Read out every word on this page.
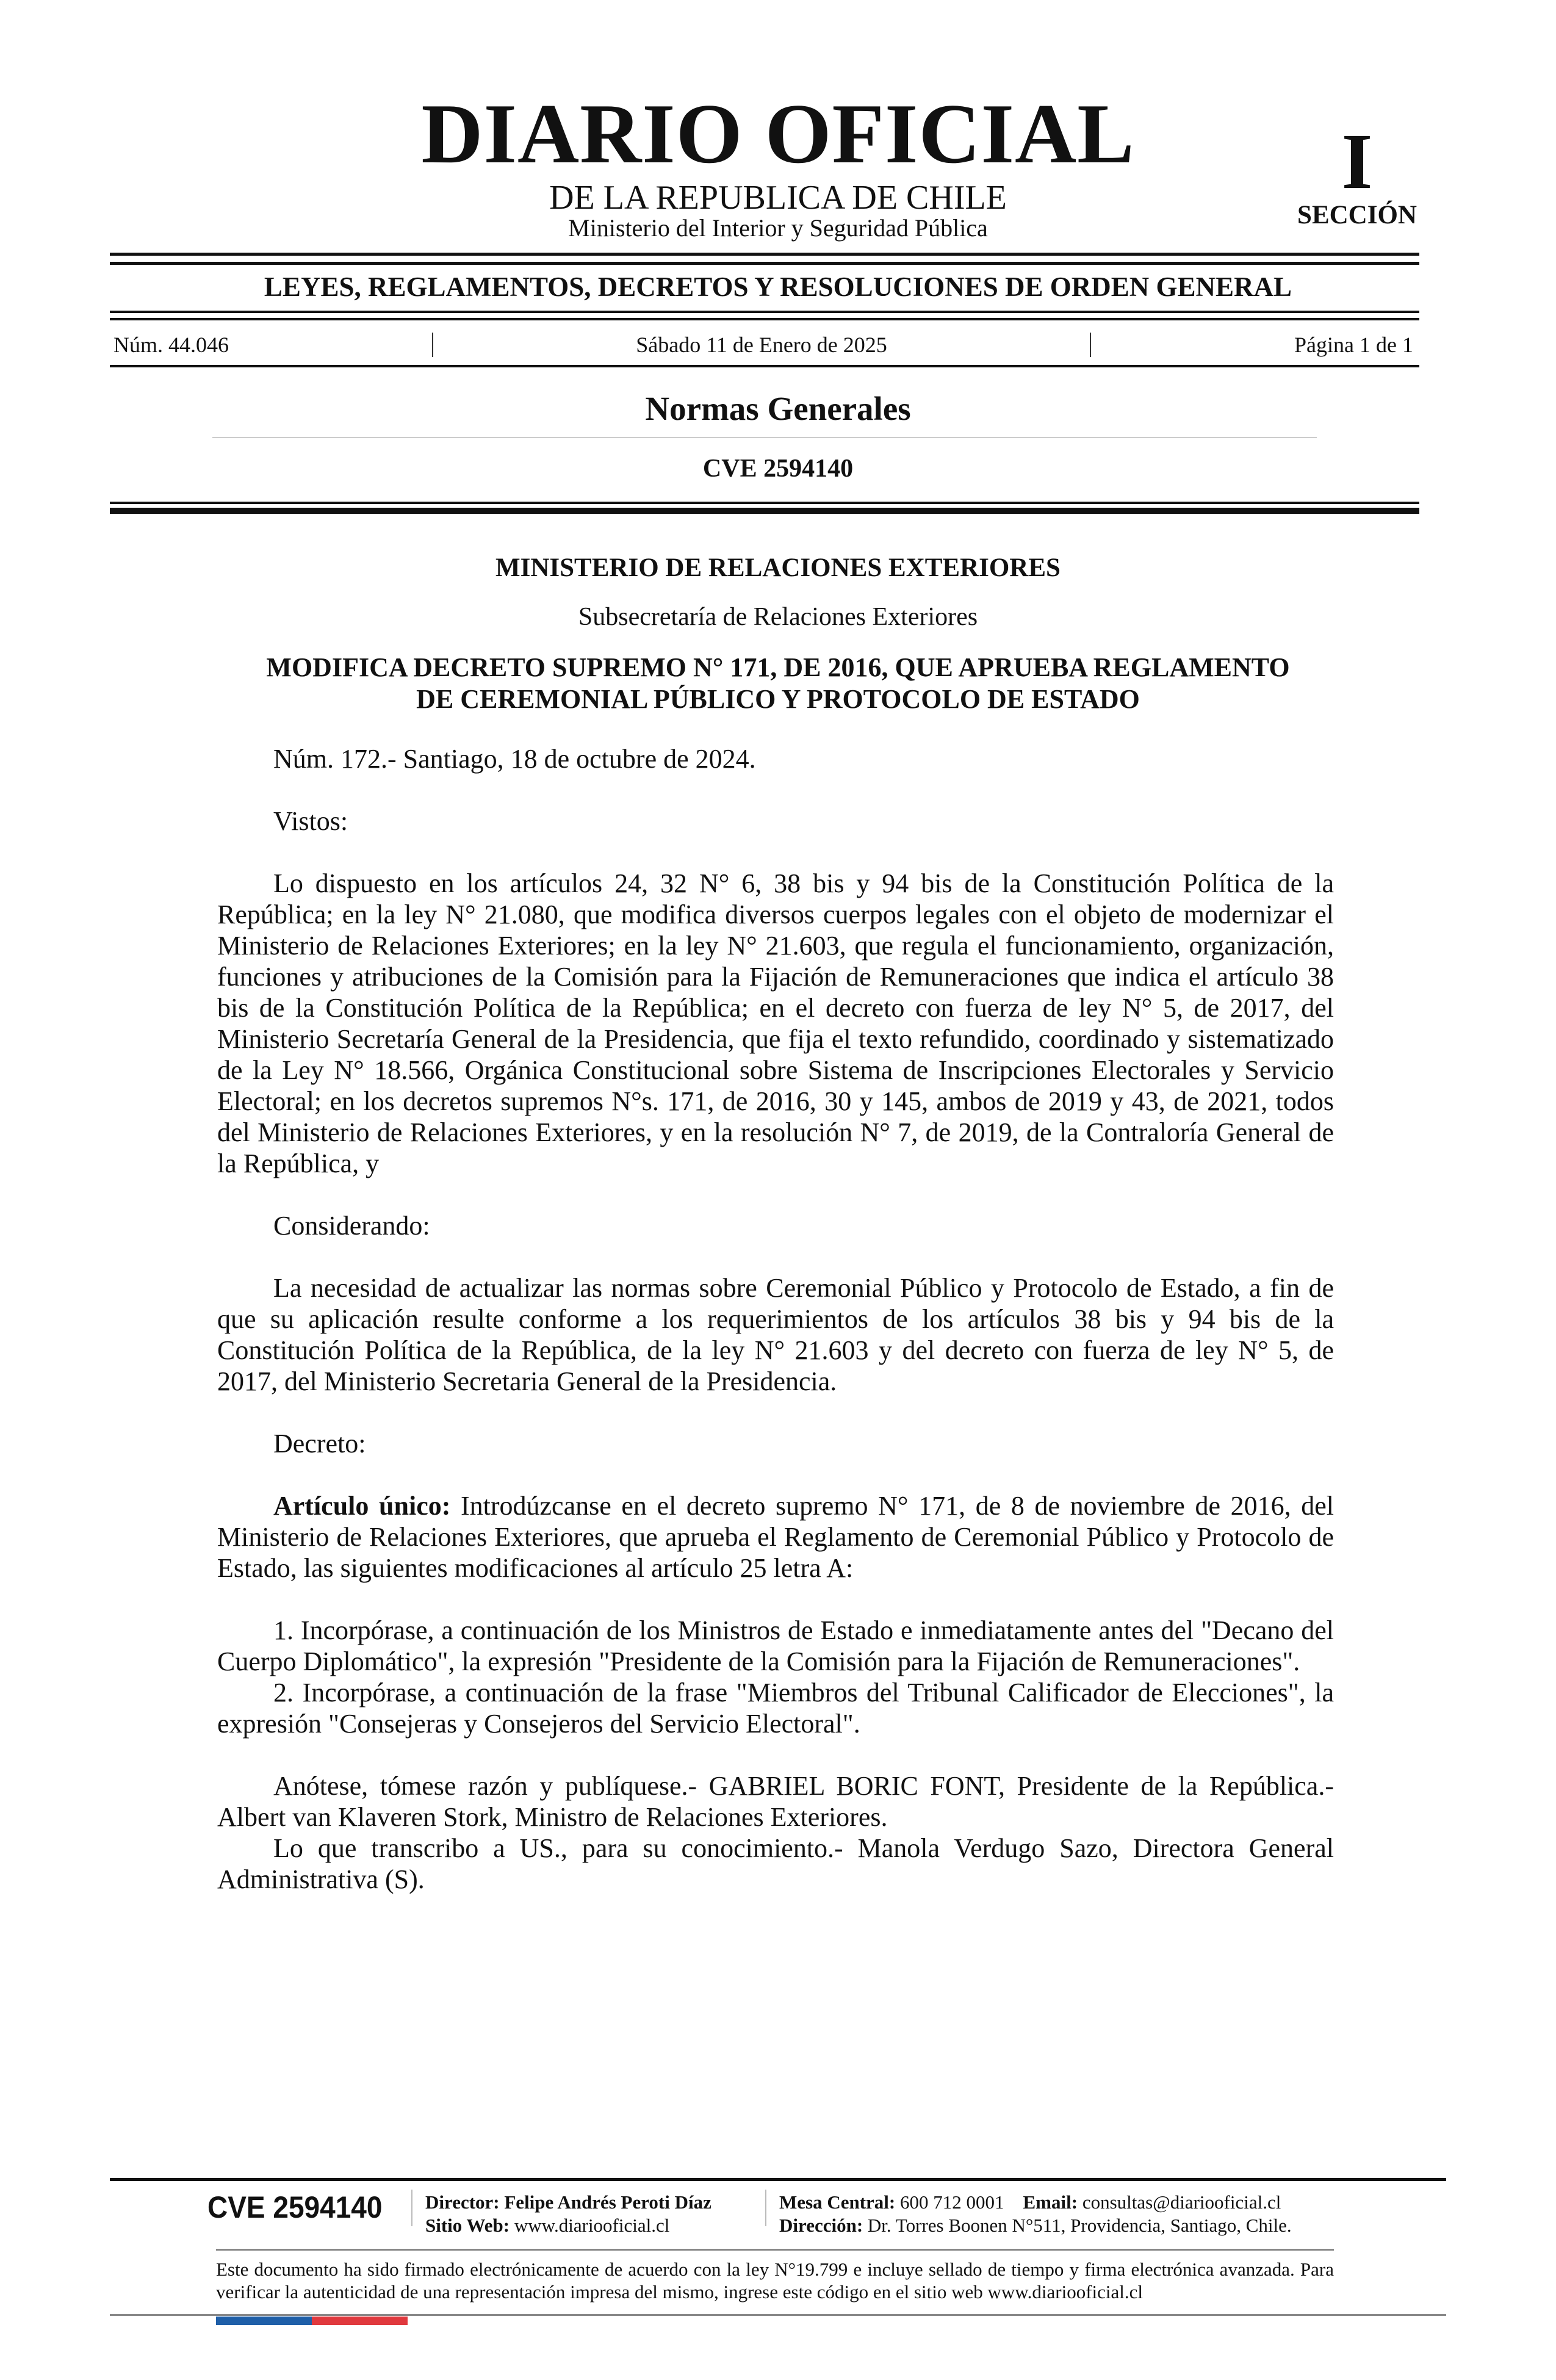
DIARIO OFICIAL
DE LA REPUBLICA DE CHILE
Ministerio del Interior y Seguridad Pública
I
SECCIÓN
LEYES, REGLAMENTOS, DECRETOS Y RESOLUCIONES DE ORDEN GENERAL
Núm. 44.046	Sábado 11 de Enero de 2025	Página 1 de 1
Normas Generales
CVE 2594140
MINISTERIO DE RELACIONES EXTERIORES
Subsecretaría de Relaciones Exteriores
MODIFICA DECRETO SUPREMO N° 171, DE 2016, QUE APRUEBA REGLAMENTO
DE CEREMONIAL PÚBLICO Y PROTOCOLO DE ESTADO

Núm. 172.- Santiago, 18 de octubre de 2024.

Vistos:

Lo dispuesto en los artículos 24, 32 N° 6, 38 bis y 94 bis de la Constitución Política de la República; en la ley N° 21.080, que modifica diversos cuerpos legales con el objeto de modernizar el Ministerio de Relaciones Exteriores; en la ley N° 21.603, que regula el funcionamiento, organización, funciones y atribuciones de la Comisión para la Fijación de Remuneraciones que indica el artículo 38 bis de la Constitución Política de la República; en el decreto con fuerza de ley N° 5, de 2017, del Ministerio Secretaría General de la Presidencia, que fija el texto refundido, coordinado y sistematizado de la Ley N° 18.566, Orgánica Constitucional sobre Sistema de Inscripciones Electorales y Servicio Electoral; en los decretos supremos N°s. 171, de 2016, 30 y 145, ambos de 2019 y 43, de 2021, todos del Ministerio de Relaciones Exteriores, y en la resolución N° 7, de 2019, de la Contraloría General de la República, y

Considerando:

La necesidad de actualizar las normas sobre Ceremonial Público y Protocolo de Estado, a fin de que su aplicación resulte conforme a los requerimientos de los artículos 38 bis y 94 bis de la Constitución Política de la República, de la ley N° 21.603 y del decreto con fuerza de ley N° 5, de 2017, del Ministerio Secretaria General de la Presidencia.

Decreto:

Artículo único: Introdúzcanse en el decreto supremo N° 171, de 8 de noviembre de 2016, del Ministerio de Relaciones Exteriores, que aprueba el Reglamento de Ceremonial Público y Protocolo de Estado, las siguientes modificaciones al artículo 25 letra A:

1. Incorpórase, a continuación de los Ministros de Estado e inmediatamente antes del "Decano del Cuerpo Diplomático", la expresión "Presidente de la Comisión para la Fijación de Remuneraciones".

2. Incorpórase, a continuación de la frase "Miembros del Tribunal Calificador de Elecciones", la expresión "Consejeras y Consejeros del Servicio Electoral".

Anótese, tómese razón y publíquese.- GABRIEL BORIC FONT, Presidente de la República.- Albert van Klaveren Stork, Ministro de Relaciones Exteriores.

Lo que transcribo a US., para su conocimiento.- Manola Verdugo Sazo, Directora General Administrativa (S).

CVE 2594140 Director: Felipe Andrés Peroti Díaz
Sitio Web: www.diariooficial.cl
Mesa Central: 600 712 0001 Email: consultas@diariooficial.cl
Dirección: Dr. Torres Boonen N°511, Providencia, Santiago, Chile.
Este documento ha sido firmado electrónicamente de acuerdo con la ley N°19.799 e incluye sellado de tiempo y firma electrónica avanzada. Para verificar la autenticidad de una representación impresa del mismo, ingrese este código en el sitio web www.diariooficial.cl
